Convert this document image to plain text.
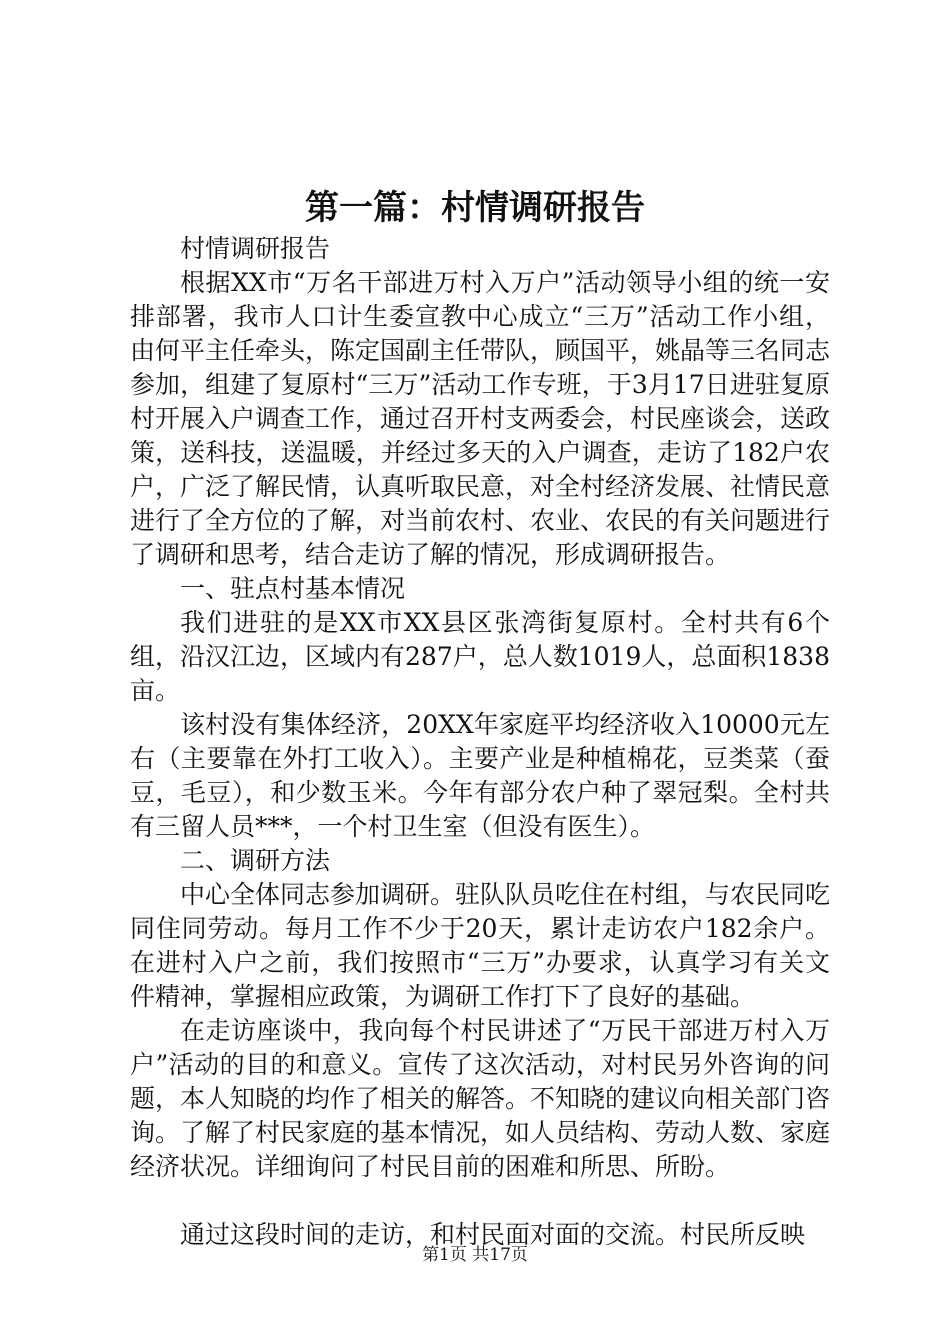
第一篇：村情调研报告

村情调研报告

根据XX市“万名干部进万村入万户”活动领导小组的统一安排部署，我市人口计生委宣教中心成立“三万”活动工作小组，由何平主任牵头，陈定国副主任带队，顾国平，姚晶等三名同志参加，组建了复原村“三万”活动工作专班，于3月17日进驻复原村开展入户调查工作，通过召开村支两委会，村民座谈会，送政策，送科技，送温暖，并经过多天的入户调查，走访了182户农户，广泛了解民情，认真听取民意，对全村经济发展、社情民意进行了全方位的了解，对当前农村、农业、农民的有关问题进行了调研和思考，结合走访了解的情况，形成调研报告。

一、驻点村基本情况

我们进驻的是XX市XX县区张湾街复原村。全村共有6个组，沿汉江边，区域内有287户，总人数1019人，总面积1838亩。

该村没有集体经济，20XX年家庭平均经济收入10000元左右（主要靠在外打工收入）。主要产业是种植棉花，豆类菜（蚕豆，毛豆），和少数玉米。今年有部分农户种了翠冠梨。全村共有三留人员***，一个村卫生室（但没有医生）。

二、调研方法

中心全体同志参加调研。驻队队员吃住在村组，与农民同吃同住同劳动。每月工作不少于20天，累计走访农户182余户。在进村入户之前，我们按照市“三万”办要求，认真学习有关文件精神，掌握相应政策，为调研工作打下了良好的基础。

在走访座谈中，我向每个村民讲述了“万民干部进万村入万户”活动的目的和意义。宣传了这次活动，对村民另外咨询的问题，本人知晓的均作了相关的解答。不知晓的建议向相关部门咨询。了解了村民家庭的基本情况，如人员结构、劳动人数、家庭经济状况。详细询问了村民目前的困难和所思、所盼。

通过这段时间的走访，和村民面对面的交流。村民所反映

第1页 共17页
